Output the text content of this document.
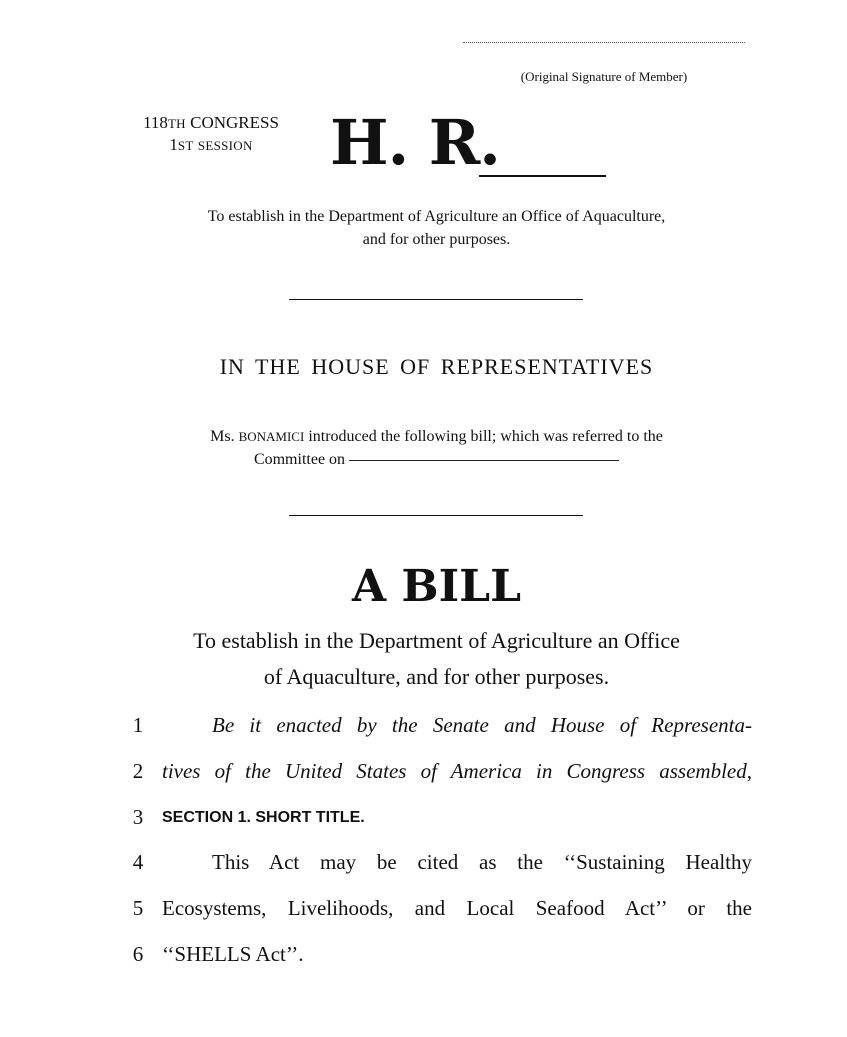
(Original Signature of Member)
118TH CONGRESS
1ST SESSION	H. R.
To establish in the Department of Agriculture an Office of Aquaculture,
and for other purposes.
IN THE HOUSE OF REPRESENTATIVES
Ms. BONAMICI introduced the following bill; which was referred to the
Committee on
A BILL
To establish in the Department of Agriculture an Office
of Aquaculture, and for other purposes.
1	Be it enacted by the Senate and House of Representa-
2 tives of the United States of America in Congress assembled,
3	SECTION 1. SHORT TITLE.
4	This Act may be cited as the ‘‘Sustaining Healthy
5 Ecosystems, Livelihoods, and Local Seafood Act’’ or the
6 ‘‘SHELLS Act’’.
